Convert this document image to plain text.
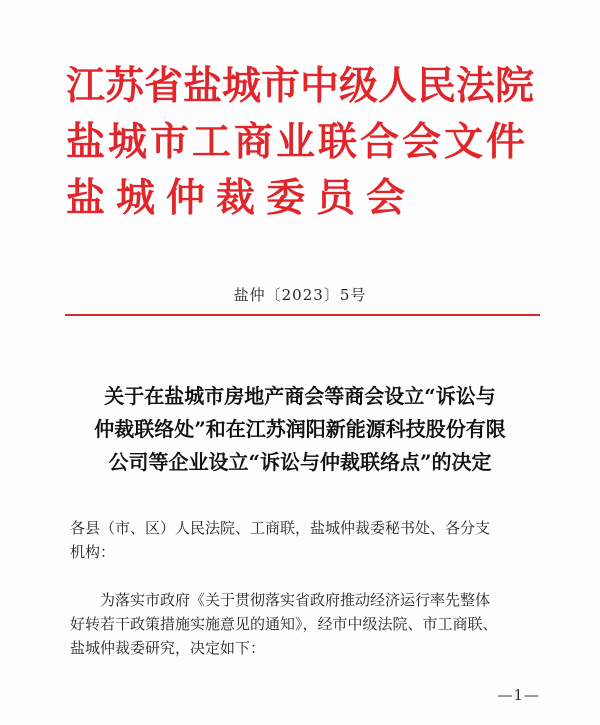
江苏省盐城市中级人民法院
盐城市工商业联合会文件
盐城仲裁委员会
盐仲〔2023〕5号
关于在盐城市房地产商会等商会设立“诉讼与
仲裁联络处”和在江苏润阳新能源科技股份有限
公司等企业设立“诉讼与仲裁联络点”的决定
各县（市、区）人民法院、工商联，盐城仲裁委秘书处、各分支
机构：
为落实市政府《关于贯彻落实省政府推动经济运行率先整体
好转若干政策措施实施意见的通知》，经市中级法院、市工商联、
盐城仲裁委研究，决定如下：
—1—
